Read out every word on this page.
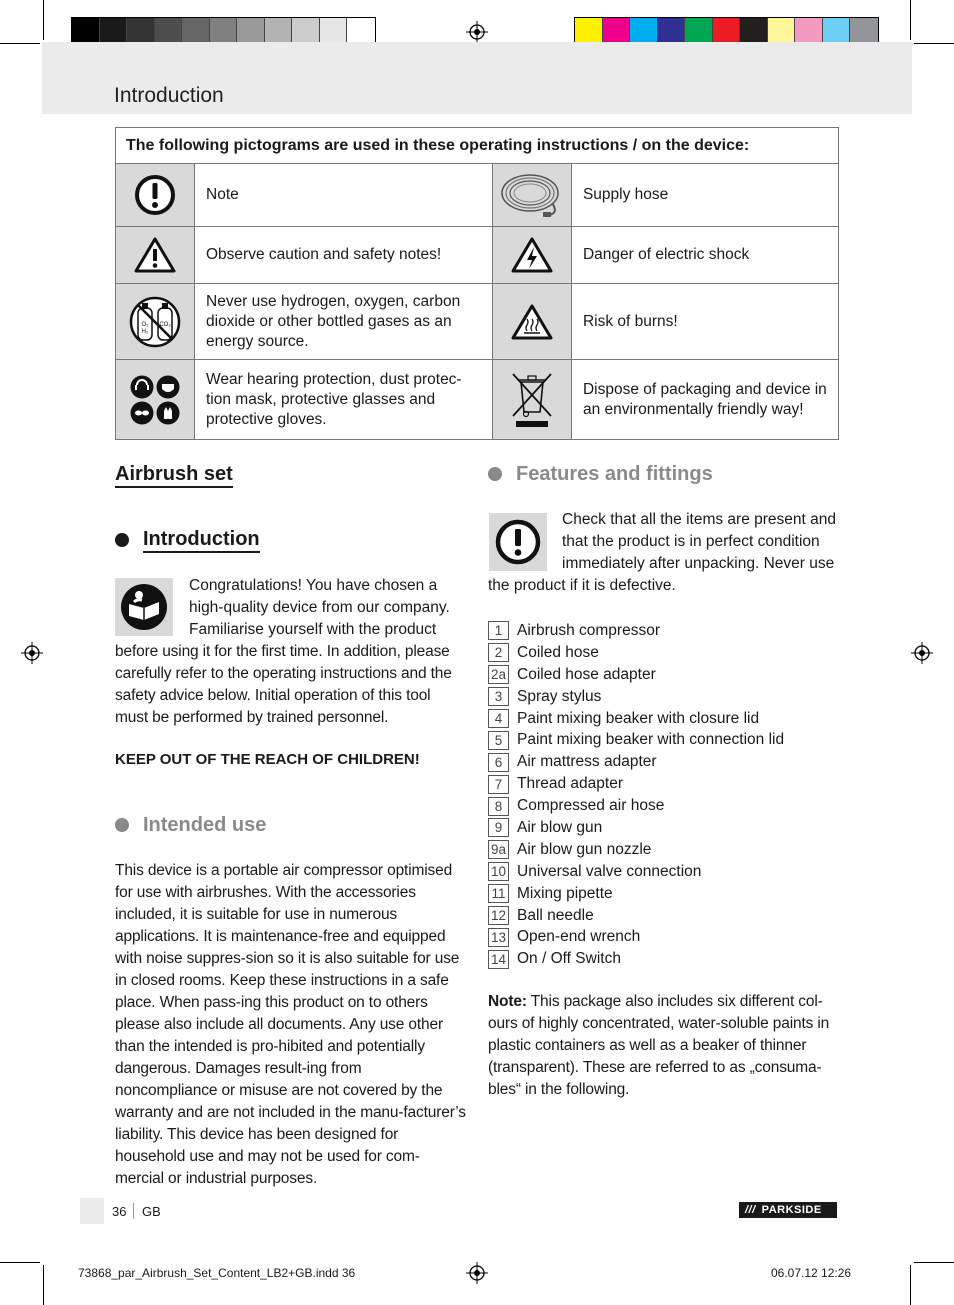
Introduction
The following pictograms are used in these operating instructions / on the device:			

	Note		Supply hose

	Observe caution and safety notes!		Danger of electric shock

O₂
H₂
CO₂	Never use hydrogen, oxygen, carbon dioxide or other bottled gases as an energy source.		Risk of burns!

	Wear hearing protection, dust protec-tion mask, protective glasses and protective gloves.		Dispose of packaging and device in an environmentally friendly way!
Airbrush set
Introduction
Congratulations! You have chosen a
high-quality device from our company.
Familiarise yourself with the product
before using it for the first time. In addition, please carefully refer to the operating instructions and the safety advice below. Initial operation of this tool must be performed by trained personnel.
KEEP OUT OF THE REACH OF CHILDREN!
Intended use
This device is a portable air compressor optimised for use with airbrushes. With the accessories included, it is suitable for use in numerous applications. It is maintenance-free and equipped with noise suppres-sion so it is also suitable for use in closed rooms. Keep these instructions in a safe place. When pass-ing this product on to others please also include all documents. Any use other than the intended is pro-hibited and potentially dangerous. Damages result-ing from noncompliance or misuse are not covered by the warranty and are not included in the manu-facturer’s liability. This device has been designed for household use and may not be used for com-mercial or industrial purposes.
Features and fittings
Check that all the items are present and
that the product is in perfect condition
immediately after unpacking. Never use
the product if it is defective.
1 Airbrush compressor
2 Coiled hose
2a Coiled hose adapter
3 Spray stylus
4 Paint mixing beaker with closure lid
5 Paint mixing beaker with connection lid
6 Air mattress adapter
7 Thread adapter
8 Compressed air hose
9 Air blow gun
9a Air blow gun nozzle
10 Universal valve connection
11 Mixing pipette
12 Ball needle
13 Open-end wrench
14 On / Off Switch
Note: This package also includes six different col-ours of highly concentrated, water-soluble paints in plastic containers as well as a beaker of thinner (transparent). These are referred to as „consuma-bles“ in the following.
36 GB	/// PARKSIDE
73868_par_Airbrush_Set_Content_LB2+GB.indd 36	06.07.12 12:26
